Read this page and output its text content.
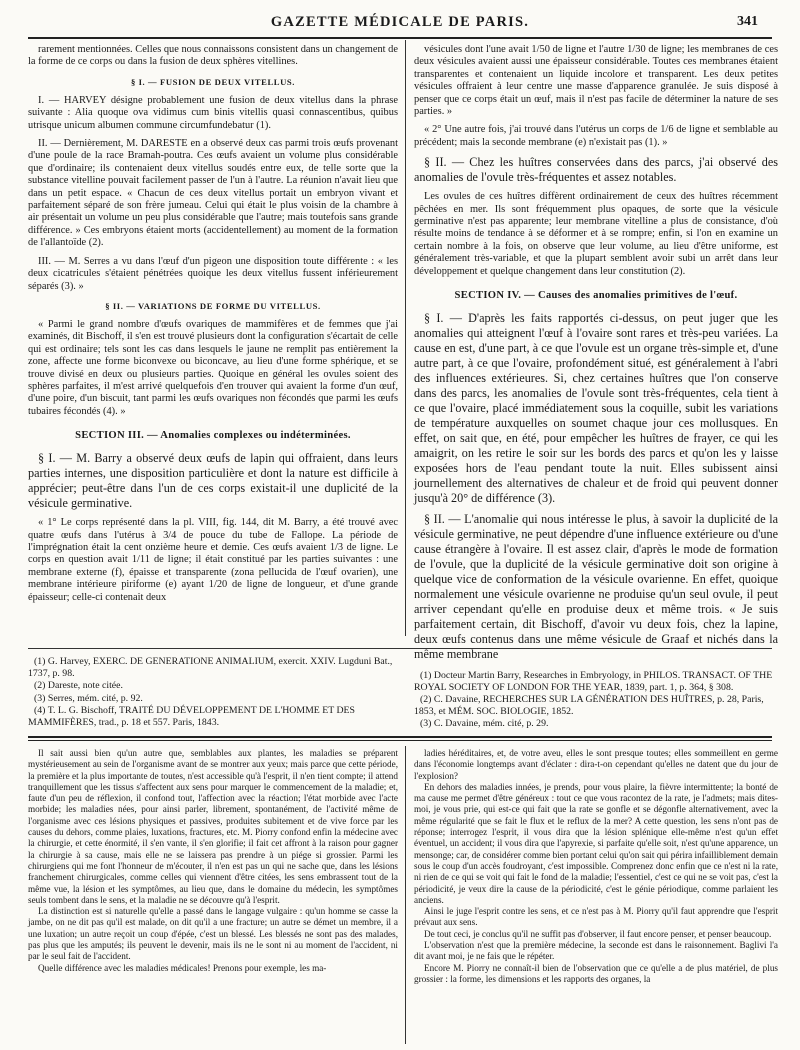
GAZETTE MÉDICALE DE PARIS.	341

rarement mentionnées. Celles que nous connaissons consistent dans un changement de la forme de ce corps ou dans la fusion de deux sphères vitellines.

§ I. — FUSION DE DEUX VITELLUS.

I. — HARVEY désigne probablement une fusion de deux vitellus dans la phrase suivante : Alia quoque ova vidimus cum binis vitellis quasi connascentibus, quibus utrisque unicum albumen commune circumfundebatur (1).

II. — Dernièrement, M. DARESTE en a observé deux cas parmi trois œufs provenant d'une poule de la race Bramah-poutra. Ces œufs avaient un volume plus considérable que d'ordinaire; ils contenaient deux vitellus soudés entre eux, de telle sorte que la substance vitelline pouvait facilement passer de l'un à l'autre. La réunion n'avait lieu que dans un petit espace. « Chacun de ces deux vitellus portait un embryon vivant et parfaitement séparé de son frère jumeau. Celui qui était le plus voisin de la chambre à air présentait un volume un peu plus considérable que l'autre; mais toutefois sans grande différence. » Ces embryons étaient morts (accidentellement) au moment de la formation de l'allantoïde (2).

III. — M. Serres a vu dans l'œuf d'un pigeon une disposition toute différente : « les deux cicatricules s'étaient pénétrées quoique les deux vitellus fussent inférieurement séparés (3). »

§ II. — VARIATIONS DE FORME DU VITELLUS.

« Parmi le grand nombre d'œufs ovariques de mammifères et de femmes que j'ai examinés, dit Bischoff, il s'en est trouvé plusieurs dont la configuration s'écartait de celle qui est ordinaire; tels sont les cas dans lesquels le jaune ne remplit pas entièrement la zone, affecte une forme biconvexe ou biconcave, au lieu d'une forme sphérique, et se trouve divisé en deux ou plusieurs parties. Quoique en général les ovules soient des sphères parfaites, il m'est arrivé quelquefois d'en trouver qui avaient la forme d'un œuf, d'une poire, d'un biscuit, tant parmi les œufs ovariques non fécondés que parmi les œufs tubaires fécondés (4). »

SECTION III. — Anomalies complexes ou indéterminées.

§ I. — M. Barry a observé deux œufs de lapin qui offraient, dans leurs parties internes, une disposition particulière et dont la nature est difficile à apprécier; peut-être dans l'un de ces corps existait-il une duplicité de la vésicule germinative.

« 1° Le corps représenté dans la pl. VIII, fig. 144, dit M. Barry, a été trouvé avec quatre œufs dans l'utérus à 3/4 de pouce du tube de Fallope. La période de l'imprégnation était la cent onzième heure et demie. Ces œufs avaient 1/3 de ligne. Le corps en question avait 1/11 de ligne; il était constitué par les parties suivantes : une membrane externe (f), épaisse et transparente (zona pellucida de l'œuf ovarien), une membrane intérieure piriforme (e) ayant 1/20 de ligne de longueur, et d'une grande épaisseur; celle-ci contenait deux

vésicules dont l'une avait 1/50 de ligne et l'autre 1/30 de ligne; les membranes de ces deux vésicules avaient aussi une épaisseur considérable. Toutes ces membranes étaient transparentes et contenaient un liquide incolore et transparent. Les deux petites vésicules offraient à leur centre une masse d'apparence granulée. Je suis disposé à penser que ce corps était un œuf, mais il n'est pas facile de déterminer la nature de ses parties. »

« 2° Une autre fois, j'ai trouvé dans l'utérus un corps de 1/6 de ligne et semblable au précédent; mais la seconde membrane (e) n'existait pas (1). »

§ II. — Chez les huîtres conservées dans des parcs, j'ai observé des anomalies de l'ovule très-fréquentes et assez notables.

Les ovules de ces huîtres diffèrent ordinairement de ceux des huîtres récemment pêchées en mer. Ils sont fréquemment plus opaques, de sorte que la vésicule germinative n'est pas apparente; leur membrane vitelline a plus de consistance, d'où résulte moins de tendance à se déformer et à se rompre; enfin, si l'on en examine un certain nombre à la fois, on observe que leur volume, au lieu d'être uniforme, est généralement très-variable, et que la plupart semblent avoir subi un arrêt dans leur développement et quelque changement dans leur constitution (2).

SECTION IV. — Causes des anomalies primitives de l'œuf.

§ I. — D'après les faits rapportés ci-dessus, on peut juger que les anomalies qui atteignent l'œuf à l'ovaire sont rares et très-peu variées. La cause en est, d'une part, à ce que l'ovule est un organe très-simple et, d'une autre part, à ce que l'ovaire, profondément situé, est généralement à l'abri des influences extérieures. Si, chez certaines huîtres que l'on conserve dans des parcs, les anomalies de l'ovule sont très-fréquentes, cela tient à ce que l'ovaire, placé immédiatement sous la coquille, subit les variations de température auxquelles on soumet chaque jour ces mollusques. En effet, on sait que, en été, pour empêcher les huîtres de frayer, ce qui les amaigrit, on les retire le soir sur les bords des parcs et qu'on les y laisse exposées hors de l'eau pendant toute la nuit. Elles subissent ainsi journellement des alternatives de chaleur et de froid qui peuvent donner jusqu'à 20° de différence (3).

§ II. — L'anomalie qui nous intéresse le plus, à savoir la duplicité de la vésicule germinative, ne peut dépendre d'une influence extérieure ou d'une cause étrangère à l'ovaire. Il est assez clair, d'après le mode de formation de l'ovule, que la duplicité de la vésicule germinative doit son origine à quelque vice de conformation de la vésicule ovarienne. En effet, quoique normalement une vésicule ovarienne ne produise qu'un seul ovule, il peut arriver cependant qu'elle en produise deux et même trois. « Je suis parfaitement certain, dit Bischoff, d'avoir vu deux fois, chez la lapine, deux œufs contenus dans une même vésicule de Graaf et nichés dans la même membrane

(1) G. Harvey, EXERC. DE GENERATIONE ANIMALIUM, exercit. XXIV. Lugduni Bat., 1737, p. 98.

(2) Dareste, note citée.

(3) Serres, mém. cité, p. 92.

(4) T. L. G. Bischoff, TRAITÉ DU DÉVELOPPEMENT DE L'HOMME ET DES MAMMIFÈRES, trad., p. 18 et 557. Paris, 1843.

(1) Docteur Martin Barry, Researches in Embryology, in PHILOS. TRANSACT. OF THE ROYAL SOCIETY OF LONDON FOR THE YEAR, 1839, part. 1, p. 364, § 308.

(2) C. Davaine, RECHERCHES SUR LA GÉNÉRATION DES HUÎTRES, p. 28, Paris, 1853, et MÉM. SOC. BIOLOGIE, 1852.

(3) C. Davaine, mém. cité, p. 29.

Il sait aussi bien qu'un autre que, semblables aux plantes, les maladies se préparent mystérieusement au sein de l'organisme avant de se montrer aux yeux; mais parce que cette période, la première et la plus importante de toutes, n'est accessible qu'à l'esprit, il n'en tient compte; il attend tranquillement que les tissus s'affectent aux sens pour marquer le commencement de la maladie; et, faute d'un peu de réflexion, il confond tout, l'affection avec la réaction; l'état morbide avec l'acte morbide; les maladies nées, pour ainsi parler, librement, spontanément, de l'activité même de l'organisme avec ces lésions physiques et passives, produites subitement et de vive force par les causes du dehors, comme plaies, luxations, fractures, etc. M. Piorry confond enfin la médecine avec la chirurgie, et cette énormité, il s'en vante, il s'en glorifie; il fait cet affront à la raison pour gagner la chirurgie à sa cause, mais elle ne se laissera pas prendre à un piége si grossier. Parmi les chirurgiens qui me font l'honneur de m'écouter, il n'en est pas un qui ne sache que, dans les lésions franchement chirurgicales, comme celles qui viennent d'être citées, les sens embrassent tout de la même vue, la lésion et les symptômes, au lieu que, dans le domaine du médecin, les symptômes seuls tombent dans le sens, et la maladie ne se découvre qu'à l'esprit.

La distinction est si naturelle qu'elle a passé dans le langage vulgaire : qu'un homme se casse la jambe, on ne dit pas qu'il est malade, on dit qu'il a une fracture; un autre se démet un membre, il a une luxation; un autre reçoit un coup d'épée, c'est un blessé. Les blessés ne sont pas des malades, pas plus que les amputés; ils peuvent le devenir, mais ils ne le sont ni au moment de l'accident, ni par le seul fait de l'accident.

Quelle différence avec les maladies médicales! Prenons pour exemple, les ma-

ladies héréditaires, et, de votre aveu, elles le sont presque toutes; elles sommeillent en germe dans l'économie longtemps avant d'éclater : dira-t-on cependant qu'elles ne datent que du jour de l'explosion?

En dehors des maladies innées, je prends, pour vous plaire, la fièvre intermittente; la bonté de ma cause me permet d'être généreux : tout ce que vous racontez de la rate, je l'admets; mais dites-moi, je vous prie, qui est-ce qui fait que la rate se gonfle et se dégonfle alternativement, avec la même régularité que se fait le flux et le reflux de la mer? A cette question, les sens n'ont pas de réponse; interrogez l'esprit, il vous dira que la lésion splénique elle-même n'est qu'un effet éventuel, un accident; il vous dira que l'apyrexie, si parfaite qu'elle soit, n'est qu'une apparence, un mensonge; car, de considérer comme bien portant celui qu'on sait qui périra infailliblement demain sous le coup d'un accès foudroyant, c'est impossible. Comprenez donc enfin que ce n'est ni la rate, ni rien de ce qui se voit qui fait le fond de la maladie; l'essentiel, c'est ce qui ne se voit pas, c'est la périodicité, je veux dire la cause de la périodicité, c'est le génie périodique, comme parlaient les anciens.

Ainsi le juge l'esprit contre les sens, et ce n'est pas à M. Piorry qu'il faut apprendre que l'esprit prévaut aux sens.

De tout ceci, je conclus qu'il ne suffit pas d'observer, il faut encore penser, et penser beaucoup.

L'observation n'est que la première médecine, la seconde est dans le raisonnement. Baglivi l'a dit avant moi, je ne fais que le répéter.

Encore M. Piorry ne connaît-il bien de l'observation que ce qu'elle a de plus matériel, de plus grossier : la forme, les dimensions et les rapports des organes, la
